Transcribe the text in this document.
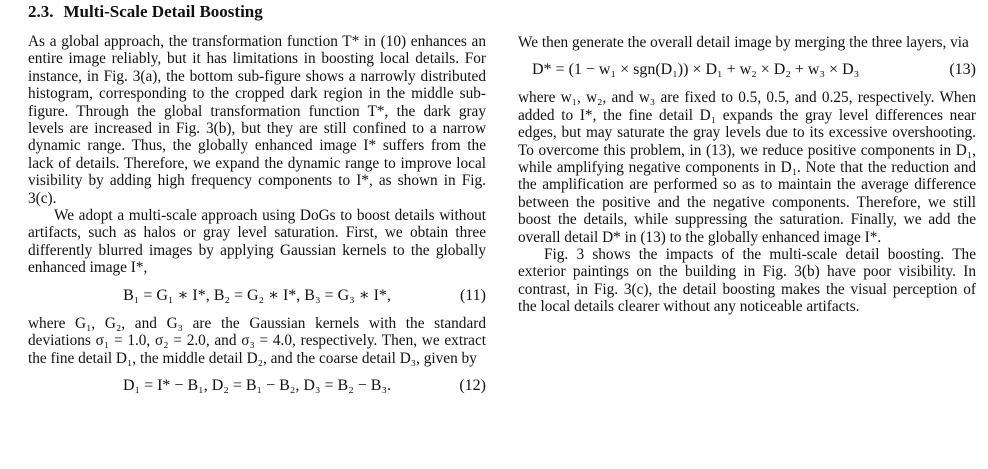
2.3. Multi-Scale Detail Boosting

As a global approach, the transformation function T* in (10) enhances an entire image reliably, but it has limitations in boosting local details. For instance, in Fig. 3(a), the bottom sub-figure shows a narrowly distributed histogram, corresponding to the cropped dark region in the middle sub-figure. Through the global transformation function T*, the dark gray levels are increased in Fig. 3(b), but they are still confined to a narrow dynamic range. Thus, the globally enhanced image I* suffers from the lack of details. Therefore, we expand the dynamic range to improve local visibility by adding high frequency components to I*, as shown in Fig. 3(c).

We adopt a multi-scale approach using DoGs to boost details without artifacts, such as halos or gray level saturation. First, we obtain three differently blurred images by applying Gaussian kernels to the globally enhanced image I*,

B₁ = G₁ ∗ I*, B₂ = G₂ ∗ I*, B₃ = G₃ ∗ I*,	(11)

where G₁, G₂, and G₃ are the Gaussian kernels with the standard deviations σ₁ = 1.0, σ₂ = 2.0, and σ₃ = 4.0, respectively. Then, we extract the fine detail D₁, the middle detail D₂, and the coarse detail D₃, given by

D₁ = I* − B₁, D₂ = B₁ − B₂, D₃ = B₂ − B₃.	(12)

We then generate the overall detail image by merging the three layers, via

D* = (1 − w₁ × sgn(D₁)) × D₁ + w₂ × D₂ + w₃ × D₃	(13)

where w₁, w₂, and w₃ are fixed to 0.5, 0.5, and 0.25, respectively. When added to I*, the fine detail D₁ expands the gray level differences near edges, but may saturate the gray levels due to its excessive overshooting. To overcome this problem, in (13), we reduce positive components in D₁, while amplifying negative components in D₁. Note that the reduction and the amplification are performed so as to maintain the average difference between the positive and the negative components. Therefore, we still boost the details, while suppressing the saturation. Finally, we add the overall detail D* in (13) to the globally enhanced image I*.

Fig. 3 shows the impacts of the multi-scale detail boosting. The exterior paintings on the building in Fig. 3(b) have poor visibility. In contrast, in Fig. 3(c), the detail boosting makes the visual perception of the local details clearer without any noticeable artifacts.
